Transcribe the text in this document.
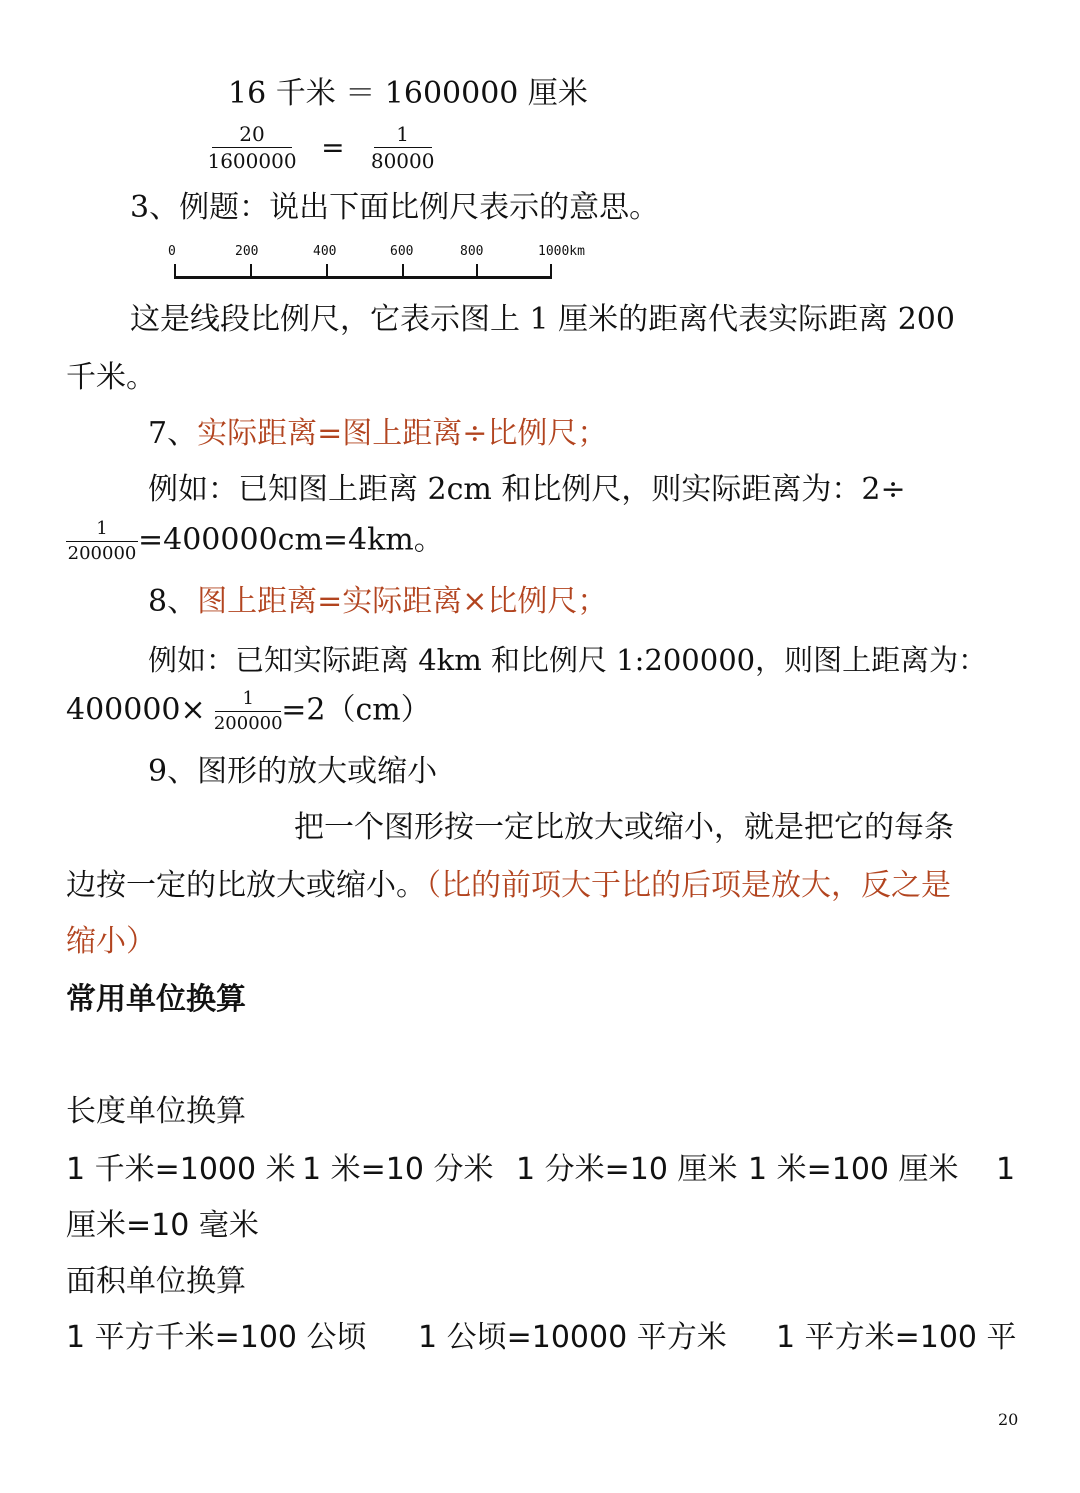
16 千米 ＝ 1600000 厘米
$\frac{20}{1600000} = \frac{1}{80000}$
3、例题：说出下面比例尺表示的意思。
0	200	400	600	800	1000km
这是线段比例尺，它表示图上 1 厘米的距离代表实际距离 200
千米。
7、实际距离=图上距离÷比例尺；
例如：已知图上距离 2cm 和比例尺，则实际距离为：2÷
$\frac{1}{200000} =400000cm=4km$。
8、图上距离=实际距离×比例尺；
例如：已知实际距离 4km 和比例尺 1:200000，则图上距离为：
$400000\times \frac{1}{200000} =2(cm)$
9、图形的放大或缩小
把一个图形按一定比放大或缩小，就是把它的每条
边按一定的比放大或缩小。（比的前项大于比的后项是放大，反之是
缩小）
常用单位换算
长度单位换算
1 千米=1000 米 1 米=10 分米 1 分米=10 厘米 1 米=100 厘米 1
厘米=10 毫米
面积单位换算
1 平方千米=100 公顷 1 公顷=10000 平方米 1 平方米=100 平
20
